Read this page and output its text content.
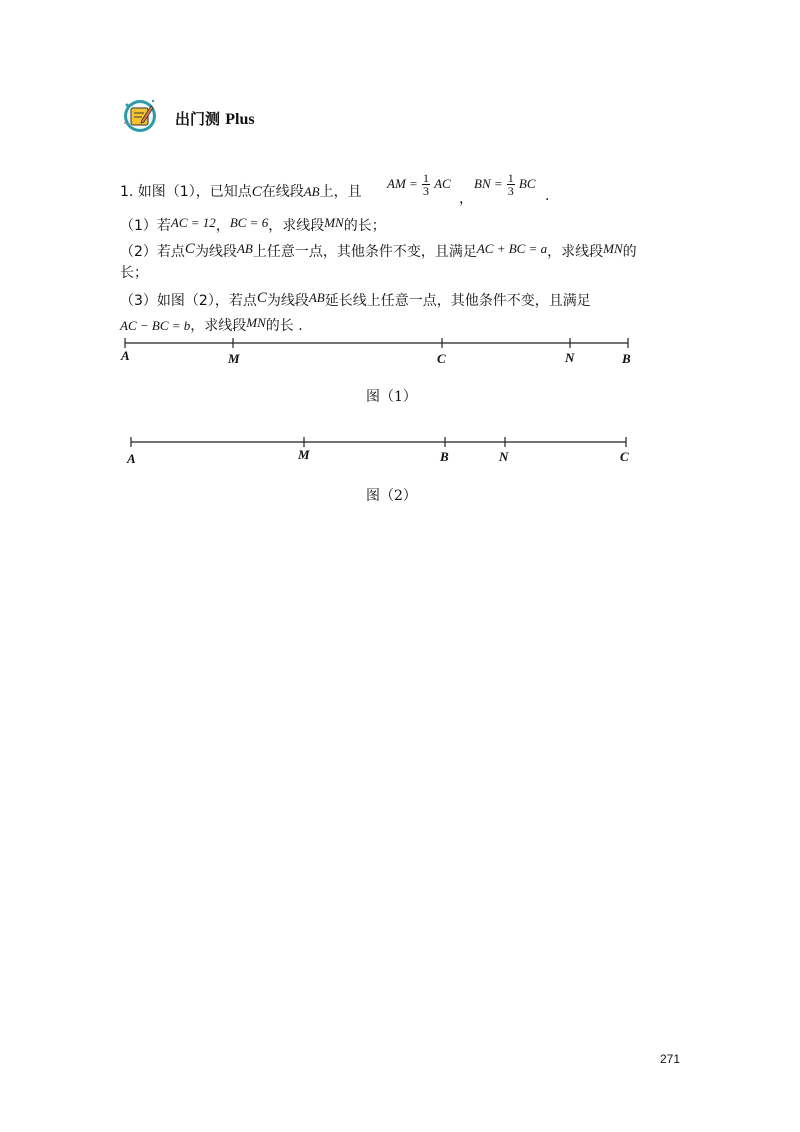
出门测 Plus
1. 如图（1），已知点C在线段AB上，且
AM = $\frac{1}{3}$ AC
，
BN = $\frac{1}{3}$ BC
.
（1）若AC = 12，BC = 6，求线段MN的长；
（2）若点C为线段AB上任意一点，其他条件不变，且满足AC + BC = a，求线段MN的
长；
（3）如图（2），若点C为线段AB延长线上任意一点，其他条件不变，且满足
AC − BC = b，求线段MN的长 .
A	M	C	N	B
图（1）
A	M	B	N	C
图（2）
271
